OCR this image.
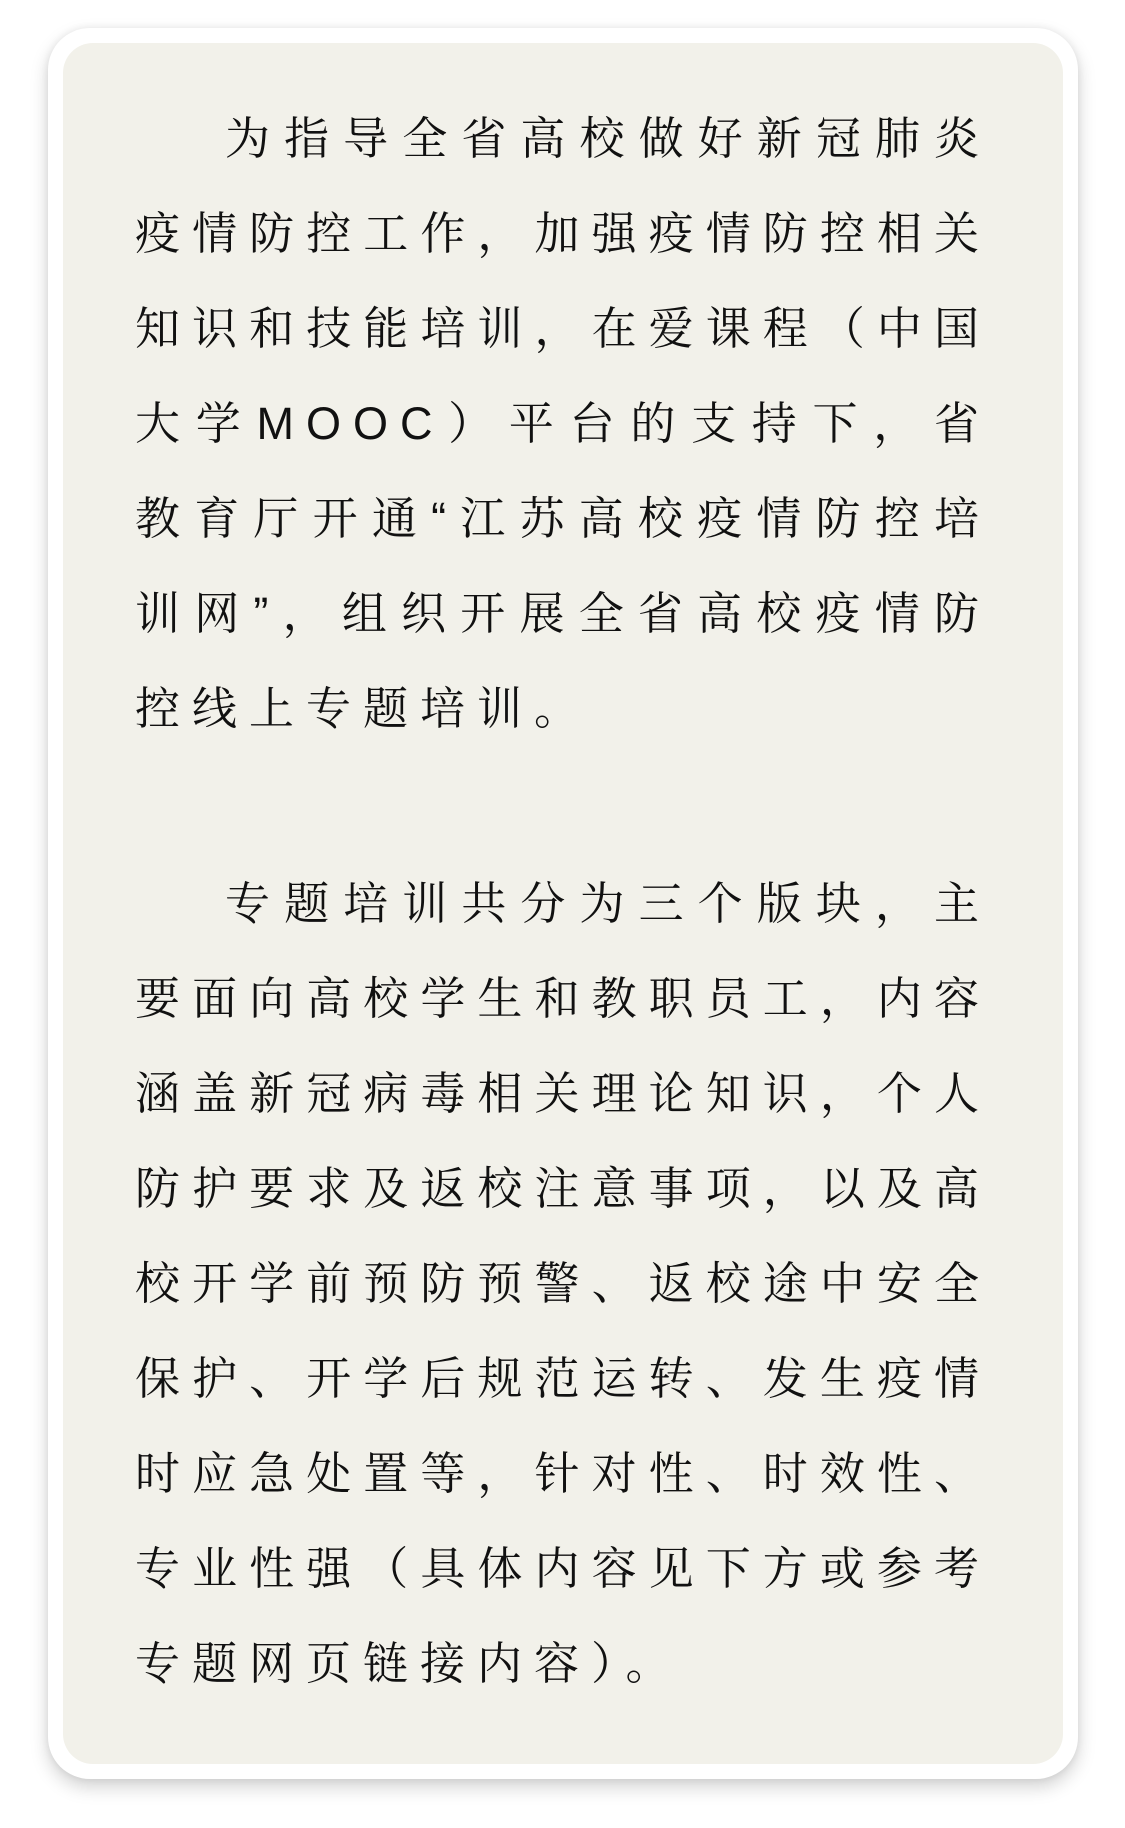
为指导全省高校做好新冠肺炎疫情防控工作，加强疫情防控相关知识和技能培训，在爱课程（中国大学MOOC）平台的支持下，省教育厅开通“江苏高校疫情防控培训网”，组织开展全省高校疫情防控线上专题培训。

专题培训共分为三个版块，主要面向高校学生和教职员工，内容涵盖新冠病毒相关理论知识，个人防护要求及返校注意事项，以及高校开学前预防预警、返校途中安全保护、开学后规范运转、发生疫情时应急处置等，针对性、时效性、专业性强（具体内容见下方或参考专题网页链接内容）。
